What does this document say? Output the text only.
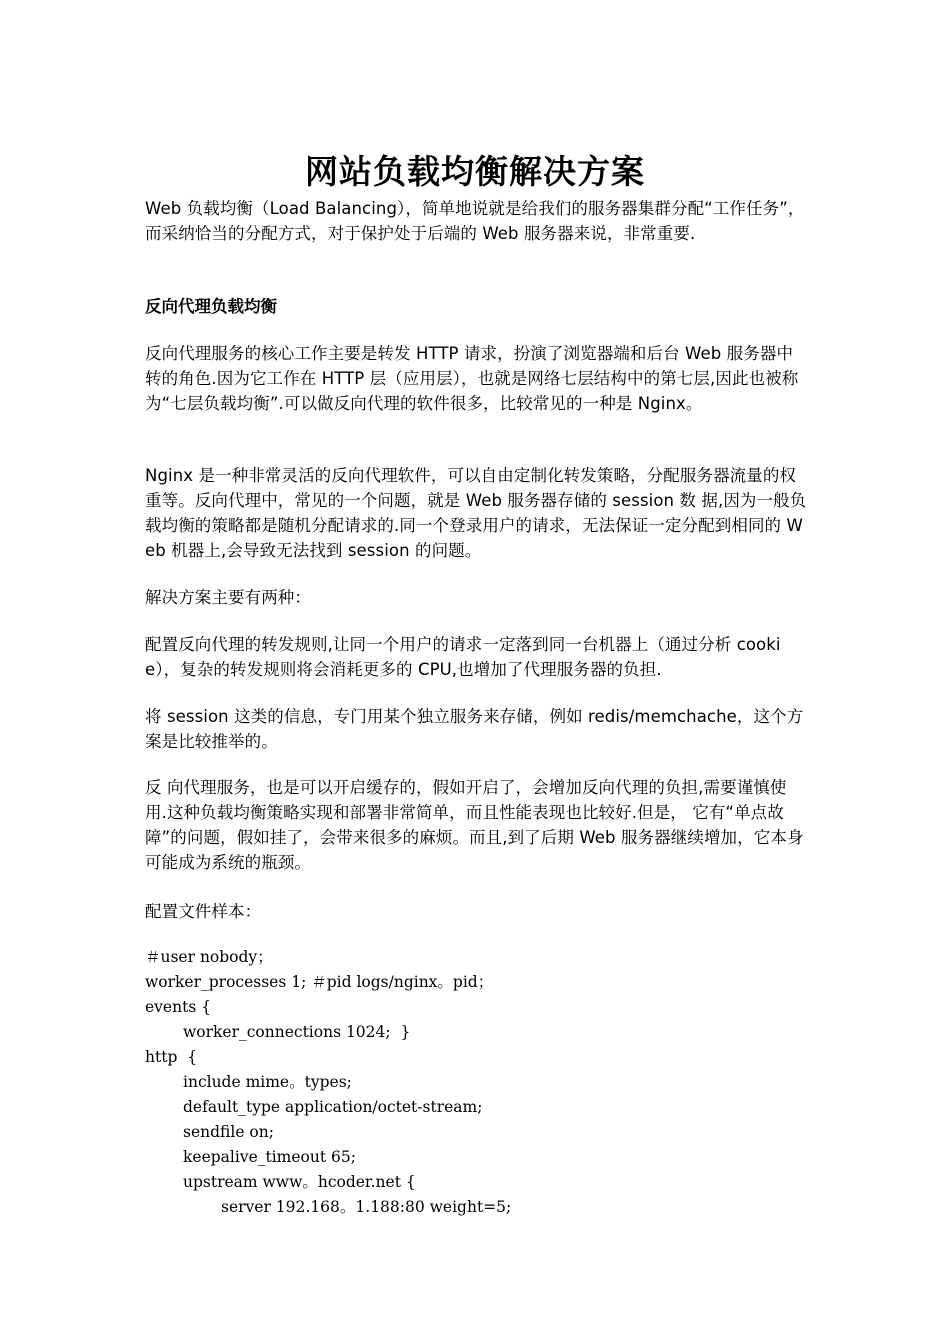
网站负载均衡解决方案

Web 负载均衡（Load Balancing），简单地说就是给我们的服务器集群分配“工作任务”，而采纳恰当的分配方式，对于保护处于后端的 Web 服务器来说，非常重要.

反向代理负载均衡

反向代理服务的核心工作主要是转发 HTTP 请求，扮演了浏览器端和后台 Web 服务器中转的角色.因为它工作在 HTTP 层（应用层），也就是网络七层结构中的第七层,因此也被称为“七层负载均衡”.可以做反向代理的软件很多，比较常见的一种是 Nginx。

Nginx 是一种非常灵活的反向代理软件，可以自由定制化转发策略，分配服务器流量的权重等。反向代理中，常见的一个问题，就是 Web 服务器存储的 session 数 据,因为一般负载均衡的策略都是随机分配请求的.同一个登录用户的请求，无法保证一定分配到相同的 Web 机器上,会导致无法找到 session 的问题。

解决方案主要有两种：

配置反向代理的转发规则,让同一个用户的请求一定落到同一台机器上（通过分析 cookie），复杂的转发规则将会消耗更多的 CPU,也增加了代理服务器的负担.

将 session 这类的信息，专门用某个独立服务来存储，例如 redis/memchache，这个方案是比较推举的。

反 向代理服务，也是可以开启缓存的，假如开启了，会增加反向代理的负担,需要谨慎使用.这种负载均衡策略实现和部署非常简单，而且性能表现也比较好.但是， 它有“单点故障”的问题，假如挂了，会带来很多的麻烦。而且,到了后期 Web 服务器继续增加，它本身可能成为系统的瓶颈。

配置文件样本：

＃user nobody；
worker_processes 1; ＃pid logs/nginx。pid；
events {
worker_connections 1024;  }
http  {
include mime。types;
default_type application/octet-stream;
sendfile on;
keepalive_timeout 65;
upstream www。hcoder.net {
server 192.168。1.188:80 weight=5;
